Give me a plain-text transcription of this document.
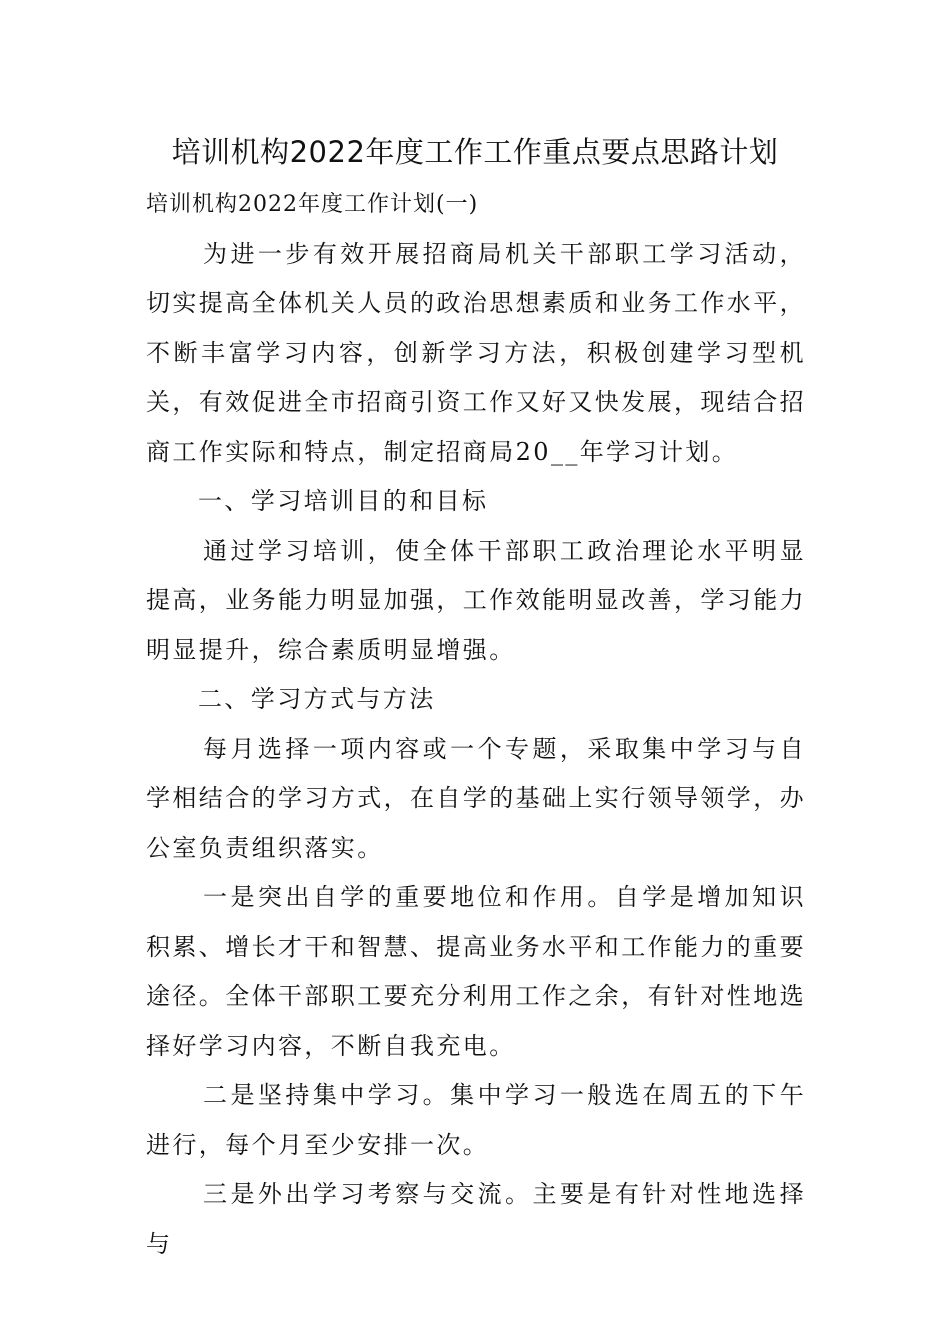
培训机构2022年度工作工作重点要点思路计划

培训机构2022年度工作计划(一)

为进一步有效开展招商局机关干部职工学习活动，切实提高全体机关人员的政治思想素质和业务工作水平，不断丰富学习内容，创新学习方法，积极创建学习型机关，有效促进全市招商引资工作又好又快发展，现结合招商工作实际和特点，制定招商局20__年学习计划。

一、学习培训目的和目标

通过学习培训，使全体干部职工政治理论水平明显提高，业务能力明显加强，工作效能明显改善，学习能力明显提升，综合素质明显增强。

二、学习方式与方法

每月选择一项内容或一个专题，采取集中学习与自学相结合的学习方式，在自学的基础上实行领导领学，办公室负责组织落实。

一是突出自学的重要地位和作用。自学是增加知识积累、增长才干和智慧、提高业务水平和工作能力的重要途径。全体干部职工要充分利用工作之余，有针对性地选择好学习内容，不断自我充电。

二是坚持集中学习。集中学习一般选在周五的下午进行，每个月至少安排一次。

三是外出学习考察与交流。主要是有针对性地选择与
